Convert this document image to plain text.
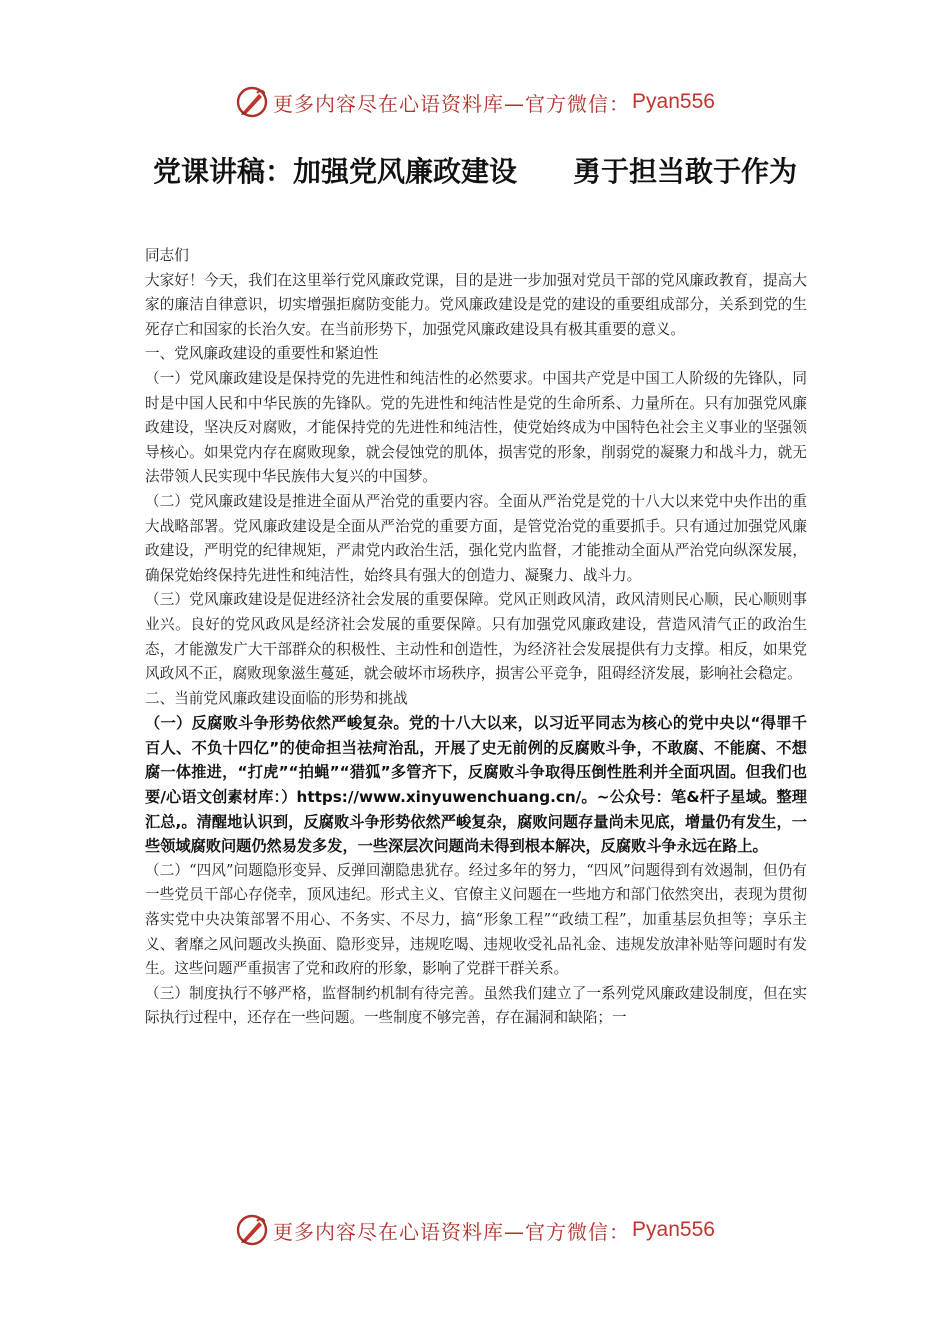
更多内容尽在心语资料库—官方微信： Pyan556
党课讲稿：加强党风廉政建设　　勇于担当敢于作为

同志们

大家好！今天，我们在这里举行党风廉政党课，目的是进一步加强对党员干部的党风廉政教育，提高大家的廉洁自律意识，切实增强拒腐防变能力。党风廉政建设是党的建设的重要组成部分，关系到党的生死存亡和国家的长治久安。在当前形势下，加强党风廉政建设具有极其重要的意义。

一、党风廉政建设的重要性和紧迫性

（一）党风廉政建设是保持党的先进性和纯洁性的必然要求。中国共产党是中国工人阶级的先锋队，同时是中国人民和中华民族的先锋队。党的先进性和纯洁性是党的生命所系、力量所在。只有加强党风廉政建设，坚决反对腐败，才能保持党的先进性和纯洁性，使党始终成为中国特色社会主义事业的坚强领导核心。如果党内存在腐败现象，就会侵蚀党的肌体，损害党的形象，削弱党的凝聚力和战斗力，就无法带领人民实现中华民族伟大复兴的中国梦。

（二）党风廉政建设是推进全面从严治党的重要内容。全面从严治党是党的十八大以来党中央作出的重大战略部署。党风廉政建设是全面从严治党的重要方面，是管党治党的重要抓手。只有通过加强党风廉政建设，严明党的纪律规矩，严肃党内政治生活，强化党内监督，才能推动全面从严治党向纵深发展，确保党始终保持先进性和纯洁性，始终具有强大的创造力、凝聚力、战斗力。

（三）党风廉政建设是促进经济社会发展的重要保障。党风正则政风清，政风清则民心顺，民心顺则事业兴。良好的党风政风是经济社会发展的重要保障。只有加强党风廉政建设，营造风清气正的政治生态，才能激发广大干部群众的积极性、主动性和创造性，为经济社会发展提供有力支撑。相反，如果党风政风不正，腐败现象滋生蔓延，就会破坏市场秩序，损害公平竞争，阻碍经济发展，影响社会稳定。

二、当前党风廉政建设面临的形势和挑战

（一）反腐败斗争形势依然严峻复杂。党的十八大以来，以习近平同志为核心的党中央以“得罪千百人、不负十四亿”的使命担当祛疴治乱，开展了史无前例的反腐败斗争，不敢腐、不能腐、不想腐一体推进，“打虎”“拍蝇”“猎狐”多管齐下，反腐败斗争取得压倒性胜利并全面巩固。但我们也要/心语文创素材库：）https://www.xinyuwenchuang.cn/。~公众号：笔&杆子星域。整理汇总,。清醒地认识到，反腐败斗争形势依然严峻复杂，腐败问题存量尚未见底，增量仍有发生，一些领域腐败问题仍然易发多发，一些深层次问题尚未得到根本解决，反腐败斗争永远在路上。

（二）“四风”问题隐形变异、反弹回潮隐患犹存。经过多年的努力，“四风”问题得到有效遏制，但仍有一些党员干部心存侥幸，顶风违纪。形式主义、官僚主义问题在一些地方和部门依然突出，表现为贯彻落实党中央决策部署不用心、不务实、不尽力，搞“形象工程”“政绩工程”，加重基层负担等；享乐主义、奢靡之风问题改头换面、隐形变异，违规吃喝、违规收受礼品礼金、违规发放津补贴等问题时有发生。这些问题严重损害了党和政府的形象，影响了党群干群关系。

（三）制度执行不够严格，监督制约机制有待完善。虽然我们建立了一系列党风廉政建设制度，但在实际执行过程中，还存在一些问题。一些制度不够完善，存在漏洞和缺陷；一

更多内容尽在心语资料库—官方微信： Pyan556
